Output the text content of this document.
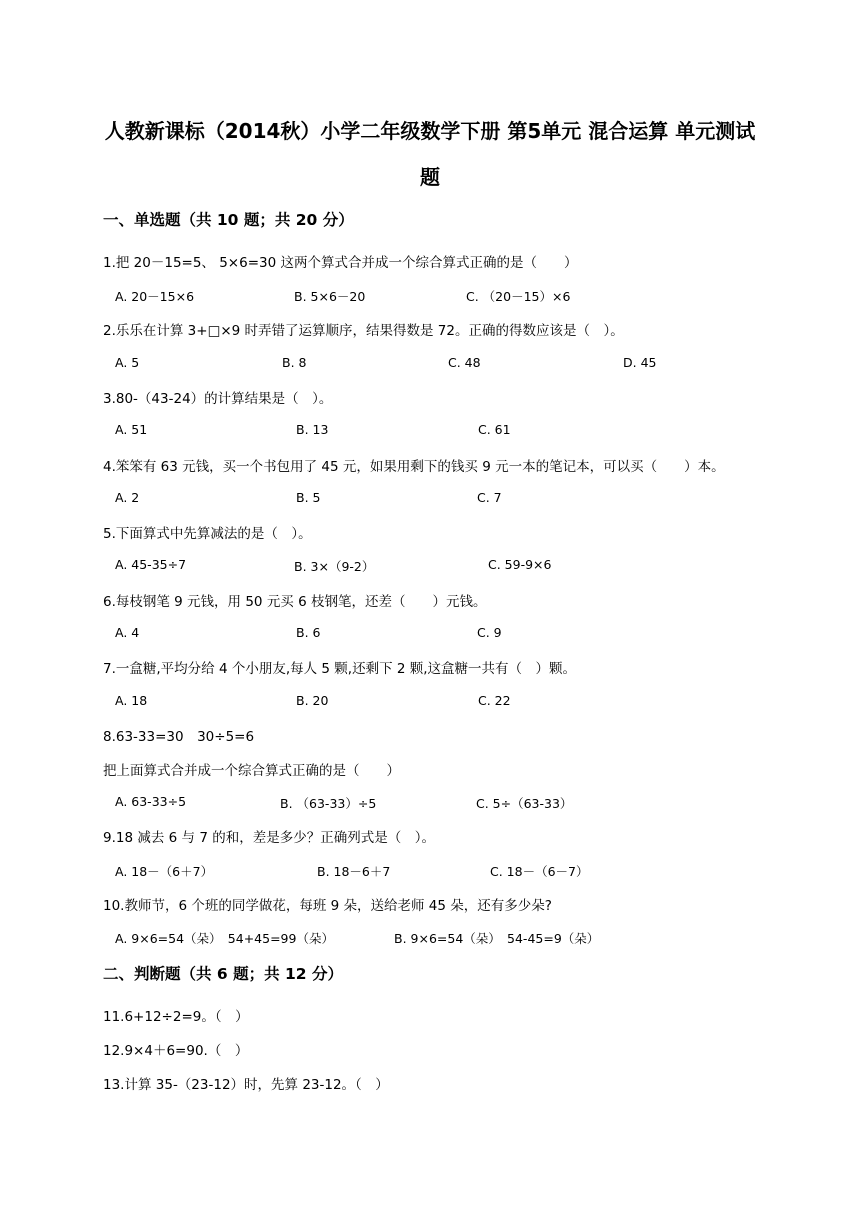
人教新课标（2014秋）小学二年级数学下册 第5单元 混合运算 单元测试
题
一、单选题（共 10 题；共 20 分）
1.把 20－15=5、 5×6=30 这两个算式合并成一个综合算式正确的是（　　）
A. 20－15×6	B. 5×6－20	C. （20－15）×6
2.乐乐在计算 3+□×9 时弄错了运算顺序，结果得数是 72。正确的得数应该是（　）。
A. 5	B. 8	C. 48	D. 45
3.80-（43-24）的计算结果是（　）。
A. 51	B. 13	C. 61
4.笨笨有 63 元钱，买一个书包用了 45 元，如果用剩下的钱买 9 元一本的笔记本，可以买（　　）本。
A. 2	B. 5	C. 7
5.下面算式中先算减法的是（　）。
A. 45-35÷7	B. 3×（9-2）	C. 59-9×6
6.每枝钢笔 9 元钱，用 50 元买 6 枝钢笔，还差（　　）元钱。
A. 4	B. 6	C. 9
7.一盒糖,平均分给 4 个小朋友,每人 5 颗,还剩下 2 颗,这盒糖一共有（　）颗。
A. 18	B. 20	C. 22
8.63-33=30　30÷5=6
把上面算式合并成一个综合算式正确的是（　　）
A. 63-33÷5	B. （63-33）÷5	C. 5÷（63-33）
9.18 减去 6 与 7 的和，差是多少？正确列式是（　）。
A. 18－（6＋7）	B. 18－6＋7	C. 18－（6－7）
10.教师节，6 个班的同学做花，每班 9 朵，送给老师 45 朵，还有多少朵?
A. 9×6=54（朵）　54+45=99（朵）	B. 9×6=54（朵）　54-45=9（朵）
二、判断题（共 6 题；共 12 分）
11.6+12÷2=9。（　）
12.9×4＋6=90.（　）
13.计算 35-（23-12）时，先算 23-12。（　）
